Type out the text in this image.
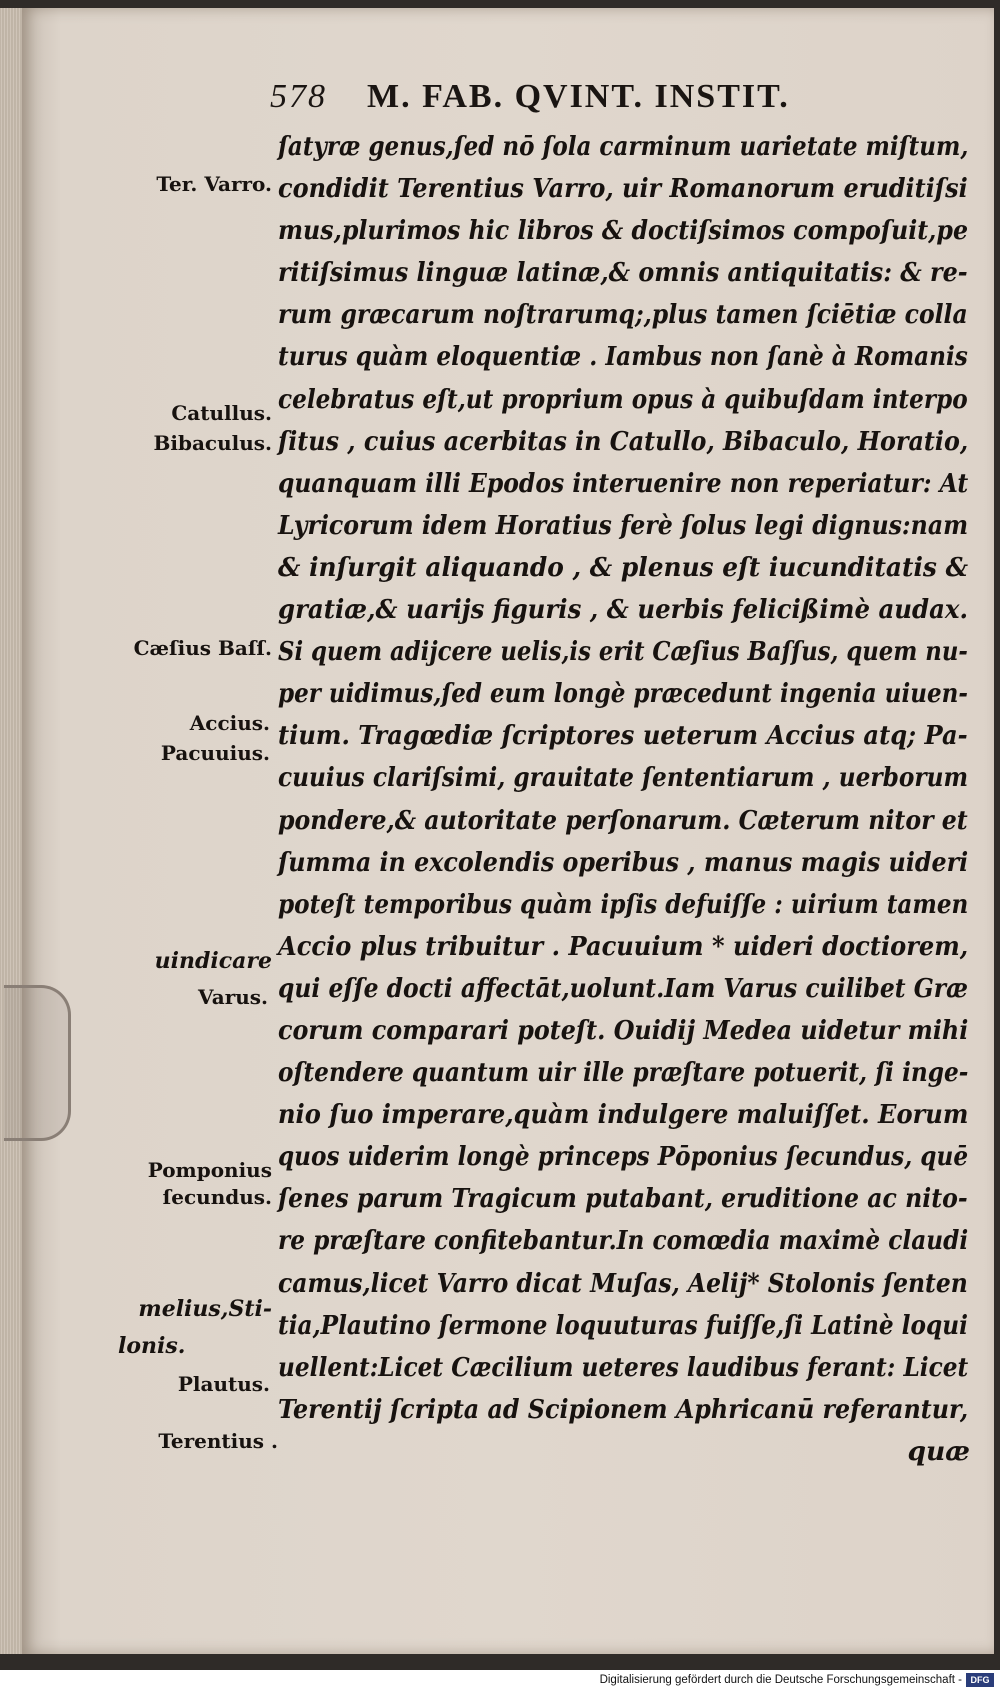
578 M. FAB. QVINT. INSTIT.
ſatyræ genus,ſed nō ſola carminum uarietate miſtum,
condidit Terentius Varro, uir Romanorum eruditiſsi
mus,plurimos hic libros & doctiſsimos compoſuit,pe
ritiſsimus linguæ latinæ,& omnis antiquitatis: & re-
rum græcarum noſtrarumq;,plus tamen ſciētiæ colla
turus quàm eloquentiæ . Iambus non ſanè à Romanis
celebratus eſt,ut proprium opus à quibuſdam interpo
ſitus , cuius acerbitas in Catullo, Bibaculo, Horatio,
quanquam illi Epodos interuenire non reperiatur: At
Lyricorum idem Horatius ferè ſolus legi dignus:nam
& inſurgit aliquando , & plenus eſt iucunditatis &
gratiæ,& uarijs figuris , & uerbis felicißimè audax.
Si quem adijcere uelis,is erit Cæſius Baſſus, quem nu-
per uidimus,ſed eum longè præcedunt ingenia uiuen-
tium. Tragœdiæ ſcriptores ueterum Accius atq; Pa-
cuuius clariſsimi, grauitate ſententiarum , uerborum
pondere,& autoritate perſonarum. Cæterum nitor et
ſumma in excolendis operibus , manus magis uideri
poteſt temporibus quàm ipſis defuiſſe : uirium tamen
Accio plus tribuitur . Pacuuium * uideri doctiorem,
qui eſſe docti affectāt,uolunt.Iam Varus cuilibet Græ
corum comparari poteſt. Ouidij Medea uidetur mihi
oſtendere quantum uir ille præſtare potuerit, ſi inge-
nio ſuo imperare,quàm indulgere maluiſſet. Eorum
quos uiderim longè princeps Pōponius ſecundus, quē
ſenes parum Tragicum putabant, eruditione ac nito-
re præſtare confitebantur.In comœdia maximè claudi
camus,licet Varro dicat Muſas, Aelij* Stolonis ſenten
tia,Plautino ſermone loquuturas fuiſſe,ſi Latinè loqui
uellent:Licet Cæcilium ueteres laudibus ferant: Licet
Terentij ſcripta ad Scipionem Aphricanū referantur,
quæ
Ter. Varro.
Catullus.
Bibaculus.
Cæſius Baſſ.
Accius.
Pacuuius.
uindicare
Varus.
Pomponius
ſecundus.
melius,Sti-
lonis.
Plautus.
Terentius .
Digitalisierung gefördert durch die Deutsche Forschungsgemeinschaft - DFG
